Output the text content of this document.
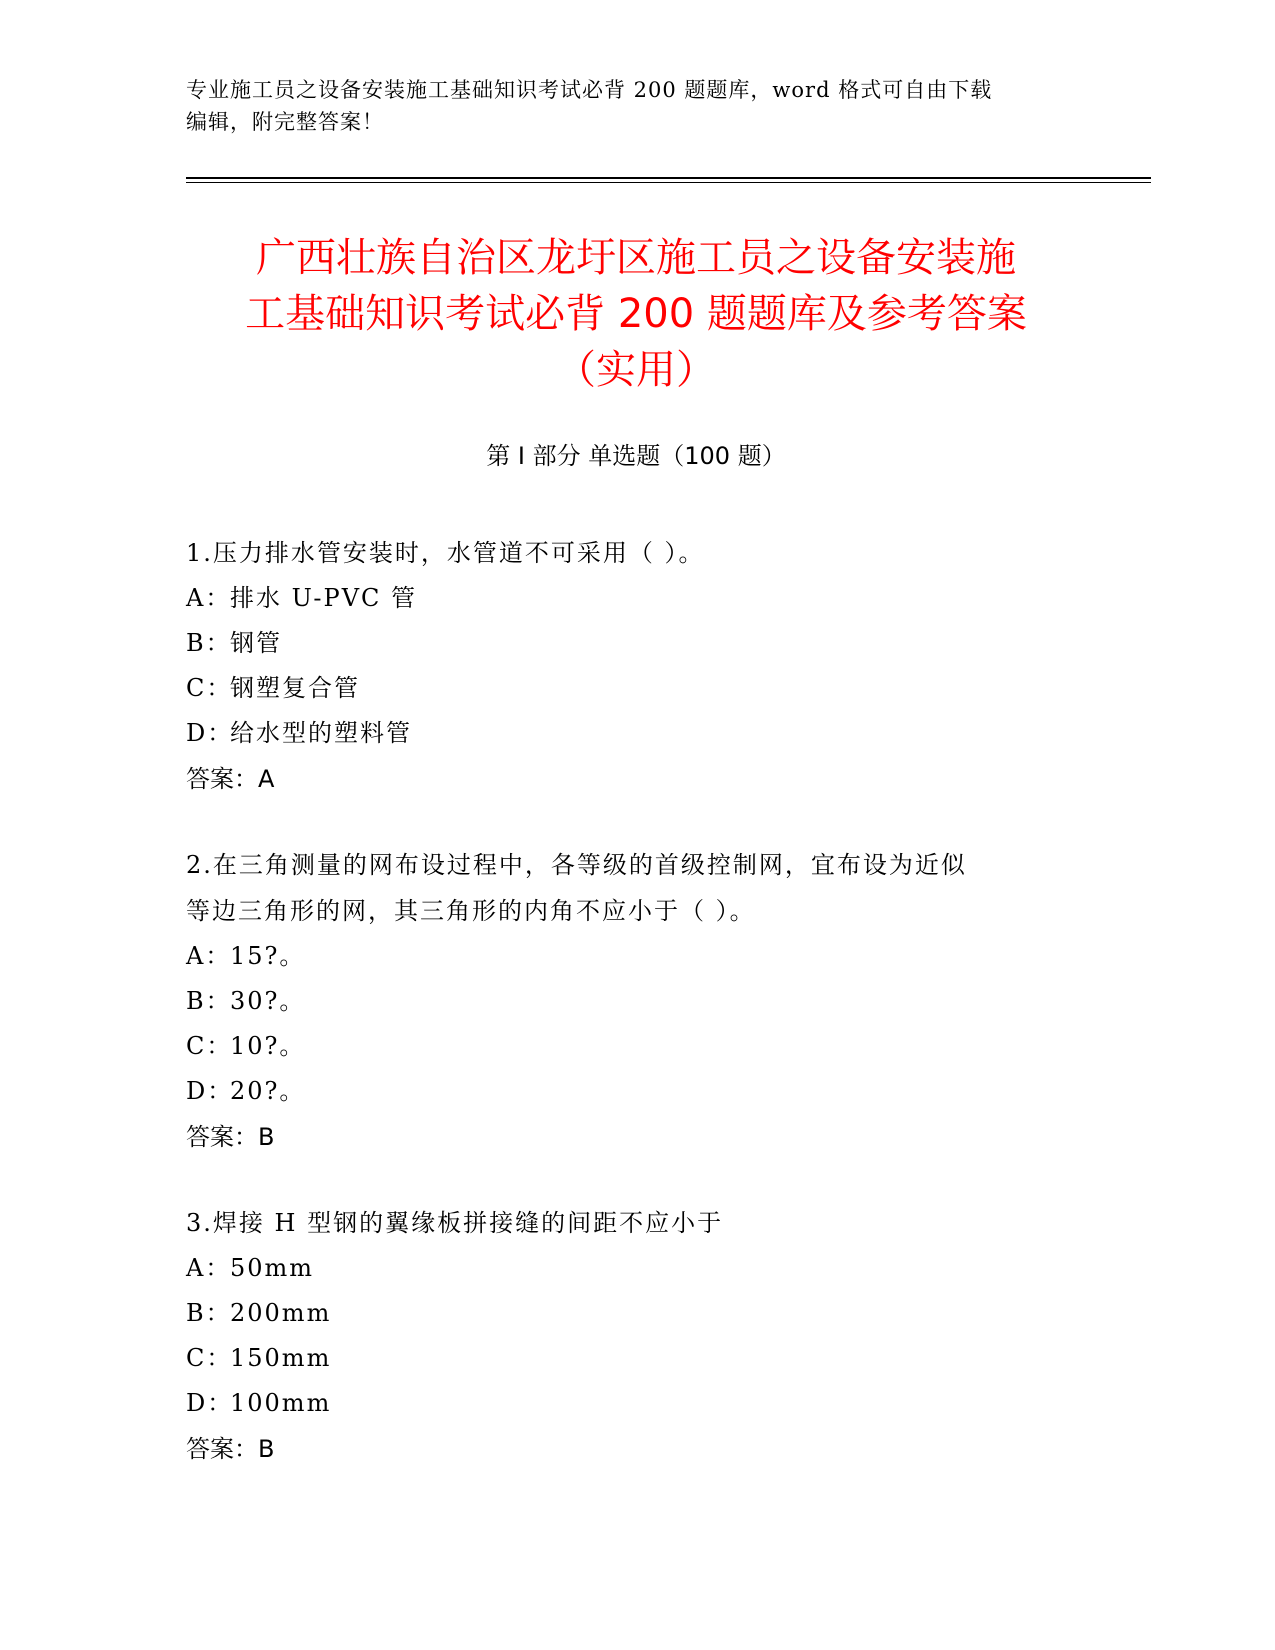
专业施工员之设备安装施工基础知识考试必背 200 题题库，word 格式可自由下载
编辑，附完整答案！
广西壮族自治区龙圩区施工员之设备安装施
工基础知识考试必背 200 题题库及参考答案
（实用）
第 I 部分 单选题（100 题）

1.压力排水管安装时，水管道不可采用（ ）。

A：排水 U-PVC 管

B：钢管

C：钢塑复合管

D：给水型的塑料管

答案：A

2.在三角测量的网布设过程中，各等级的首级控制网，宜布设为近似

等边三角形的网，其三角形的内角不应小于（ ）。

A：15?。

B：30?。

C：10?。

D：20?。

答案：B

3.焊接 H 型钢的翼缘板拼接缝的间距不应小于

A：50mm

B：200mm

C：150mm

D：100mm

答案：B
